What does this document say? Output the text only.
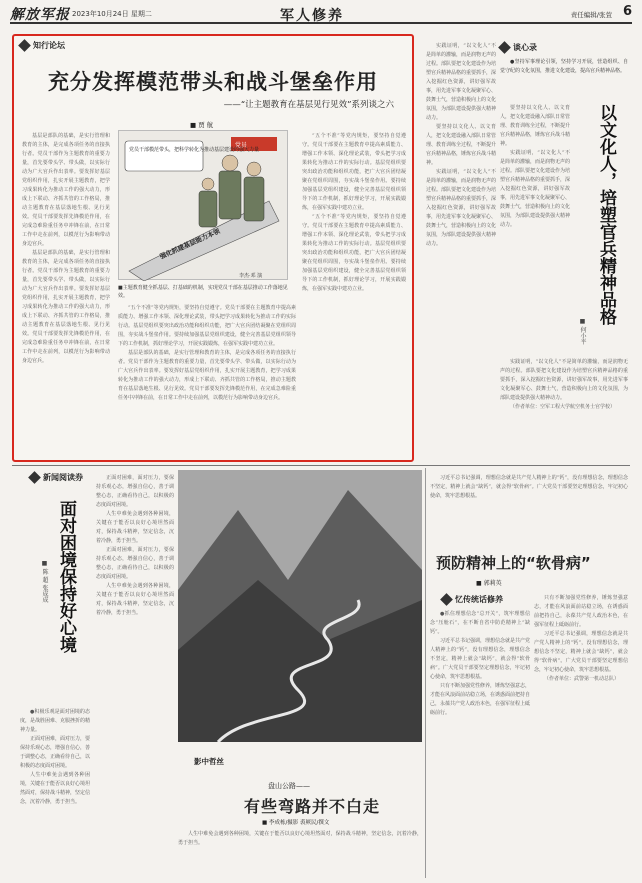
解放军报 2023年10月24日 星期二	军人修养	责任编辑/张萱 6
知行论坛
充分发挥模范带头和战斗堡垒作用
——“让主题教育在基层见行见效”系列谈之六
■ 贾 航

基层是部队的基础，是实行管理和教育的主体，是完成各项任务的直接执行者。党员干部作为主题教育的重要力量，首先要带头学、带头做，以实际行动为广大官兵作出表率。要发挥好基层党组织作用，扎实开展主题教育，把学习成果转化为推动工作的强大动力，形成上下联动、齐抓共管的工作格局，推动主题教育在基层落地生根、见行见效。党员干部要发挥先锋模范作用，在完成急难险重任务中冲锋在前，在日常工作中走在前列，以模范行为影响带动身边官兵。

基层是部队的基础，是实行管理和教育的主体，是完成各项任务的直接执行者。党员干部作为主题教育的重要力量，首先要带头学、带头做，以实际行动为广大官兵作出表率。要发挥好基层党组织作用，扎实开展主题教育，把学习成果转化为推动工作的强大动力，形成上下联动、齐抓共管的工作格局，推动主题教育在基层落地生根、见行见效。党员干部要发挥先锋模范作用，在完成急难险重任务中冲锋在前，在日常工作中走在前列，以模范行为影响带动身边官兵。

强化抓建基层能力本领
党员
党员干部模范带头，把科学转化为推动基层建设的强大力量
李杰·邓 演
■主题教育健全抓基层、打基础的机制，实现党员干部在基层推动工作落地见效。

“五个不准”等党内规矩，要坚持自觉遵守。党员干部要在主题教育中提高素质能力、增强工作本领、深化理论武装，带头把学习成果转化为推动工作的实际行动。基层党组织要突出政治功能和组织功能，把广大官兵团结凝聚在党组织周围，夯实战斗堡垒作用。要持续加强基层党组织建设，健全完善基层党组织领导下的工作机制，抓好理论学习，开展实践锻炼，在强军实践中建功立业。

基层是部队的基础，是实行管理和教育的主体，是完成各项任务的直接执行者。党员干部作为主题教育的重要力量，首先要带头学、带头做，以实际行动为广大官兵作出表率。要发挥好基层党组织作用，扎实开展主题教育，把学习成果转化为推动工作的强大动力，形成上下联动、齐抓共管的工作格局，推动主题教育在基层落地生根、见行见效。党员干部要发挥先锋模范作用，在完成急难险重任务中冲锋在前，在日常工作中走在前列，以模范行为影响带动身边官兵。

“五个不准”等党内规矩，要坚持自觉遵守。党员干部要在主题教育中提高素质能力、增强工作本领、深化理论武装，带头把学习成果转化为推动工作的实际行动。基层党组织要突出政治功能和组织功能，把广大官兵团结凝聚在党组织周围，夯实战斗堡垒作用。要持续加强基层党组织建设，健全完善基层党组织领导下的工作机制，抓好理论学习，开展实践锻炼，在强军实践中建功立业。

“五个不准”等党内规矩，要坚持自觉遵守。党员干部要在主题教育中提高素质能力、增强工作本领、深化理论武装，带头把学习成果转化为推动工作的实际行动。基层党组织要突出政治功能和组织功能，把广大官兵团结凝聚在党组织周围，夯实战斗堡垒作用。要持续加强基层党组织建设，健全完善基层党组织领导下的工作机制，抓好理论学习，开展实践锻炼，在强军实践中建功立业。

谈心录

●坚持军事理论引领，坚持学习开展，营造组织、自觉守纪的文化氛围，推进文化建设，提高官兵精神品格。

以文化人，培塑官兵精神品格
■ 何小平

实践证明，“以文化人”不是简单的灌输，而是润物无声的过程。部队要把文化建设作为培塑官兵精神品格的重要抓手，深入挖掘红色资源，讲好强军故事，用先进军事文化凝聚军心、鼓舞士气，营造积极向上的文化氛围，为部队建设提供强大精神动力。

要坚持以文化人、以文育人，把文化建设融入部队日常管理、教育训练全过程，不断提升官兵精神品格，锤炼官兵战斗精神。

实践证明，“以文化人”不是简单的灌输，而是润物无声的过程。部队要把文化建设作为培塑官兵精神品格的重要抓手，深入挖掘红色资源，讲好强军故事，用先进军事文化凝聚军心、鼓舞士气，营造积极向上的文化氛围，为部队建设提供强大精神动力。

要坚持以文化人、以文育人，把文化建设融入部队日常管理、教育训练全过程，不断提升官兵精神品格，锤炼官兵战斗精神。

实践证明，“以文化人”不是简单的灌输，而是润物无声的过程。部队要把文化建设作为培塑官兵精神品格的重要抓手，深入挖掘红色资源，讲好强军故事，用先进军事文化凝聚军心、鼓舞士气，营造积极向上的文化氛围，为部队建设提供强大精神动力。

实践证明，“以文化人”不是简单的灌输，而是润物无声的过程。部队要把文化建设作为培塑官兵精神品格的重要抓手，深入挖掘红色资源，讲好强军故事，用先进军事文化凝聚军心、鼓舞士气，营造积极向上的文化氛围，为部队建设提供强大精神动力。

（作者单位：空军工程大学航空机务士官学校）

新闻阅读券
面对困境保持好心境
■ 陈 超 张成成

●积极乐观是面对困境的态度，是战胜困难、克服挫折的精神力量。

正面对困难，面对压力，要保持乐观心态，增强自信心，善于调整心态，正确看待自己，以积极的态度面对困境。

人生中难免会遇到各种困境，关键在于能否以良好心境坦然面对，保持战斗精神，坚定信念，沉着冷静，勇于担当。

正面对困难，面对压力，要保持乐观心态，增强自信心，善于调整心态，正确看待自己，以积极的态度面对困境。

人生中难免会遇到各种困境，关键在于能否以良好心境坦然面对，保持战斗精神，坚定信念，沉着冷静，勇于担当。

正面对困难，面对压力，要保持乐观心态，增强自信心，善于调整心态，正确看待自己，以积极的态度面对困境。

人生中难免会遇到各种困境，关键在于能否以良好心境坦然面对，保持战斗精神，坚定信念，沉着冷静，勇于担当。

影中哲丝
盘山公路——
有些弯路并不白走
■ 李成栋/摄影 裘厥民/撰文

人生中难免会遇到各种困境，关键在于能否以良好心境坦然面对，保持战斗精神，坚定信念，沉着冷静，勇于担当。

预防精神上的“软骨病”
■ 郭莉英

习近平总书记强调，理想信念就是共产党人精神上的“钙”，没有理想信念，理想信念不坚定，精神上就会“缺钙”，就会得“软骨病”。广大党员干部要坚定理想信念，牢记初心使命，筑牢思想根基。

忆传统话修养

●抓住理想信念“总开关”，筑牢理想信念“压舱石”，在不断自省中防范精神上“缺钙”。

习近平总书记强调，理想信念就是共产党人精神上的“钙”，没有理想信念，理想信念不坚定，精神上就会“缺钙”，就会得“软骨病”。广大党员干部要坚定理想信念，牢记初心使命，筑牢思想根基。

只有不断加强党性修养，锤炼坚强意志，才能在风浪面前站稳立场，在诱惑面前把持自己，永葆共产党人政治本色，在强军征程上砥砺前行。

只有不断加强党性修养，锤炼坚强意志，才能在风浪面前站稳立场，在诱惑面前把持自己，永葆共产党人政治本色，在强军征程上砥砺前行。

习近平总书记强调，理想信念就是共产党人精神上的“钙”，没有理想信念，理想信念不坚定，精神上就会“缺钙”，就会得“软骨病”。广大党员干部要坚定理想信念，牢记初心使命，筑牢思想根基。

（作者单位：武警第一机动总队）
